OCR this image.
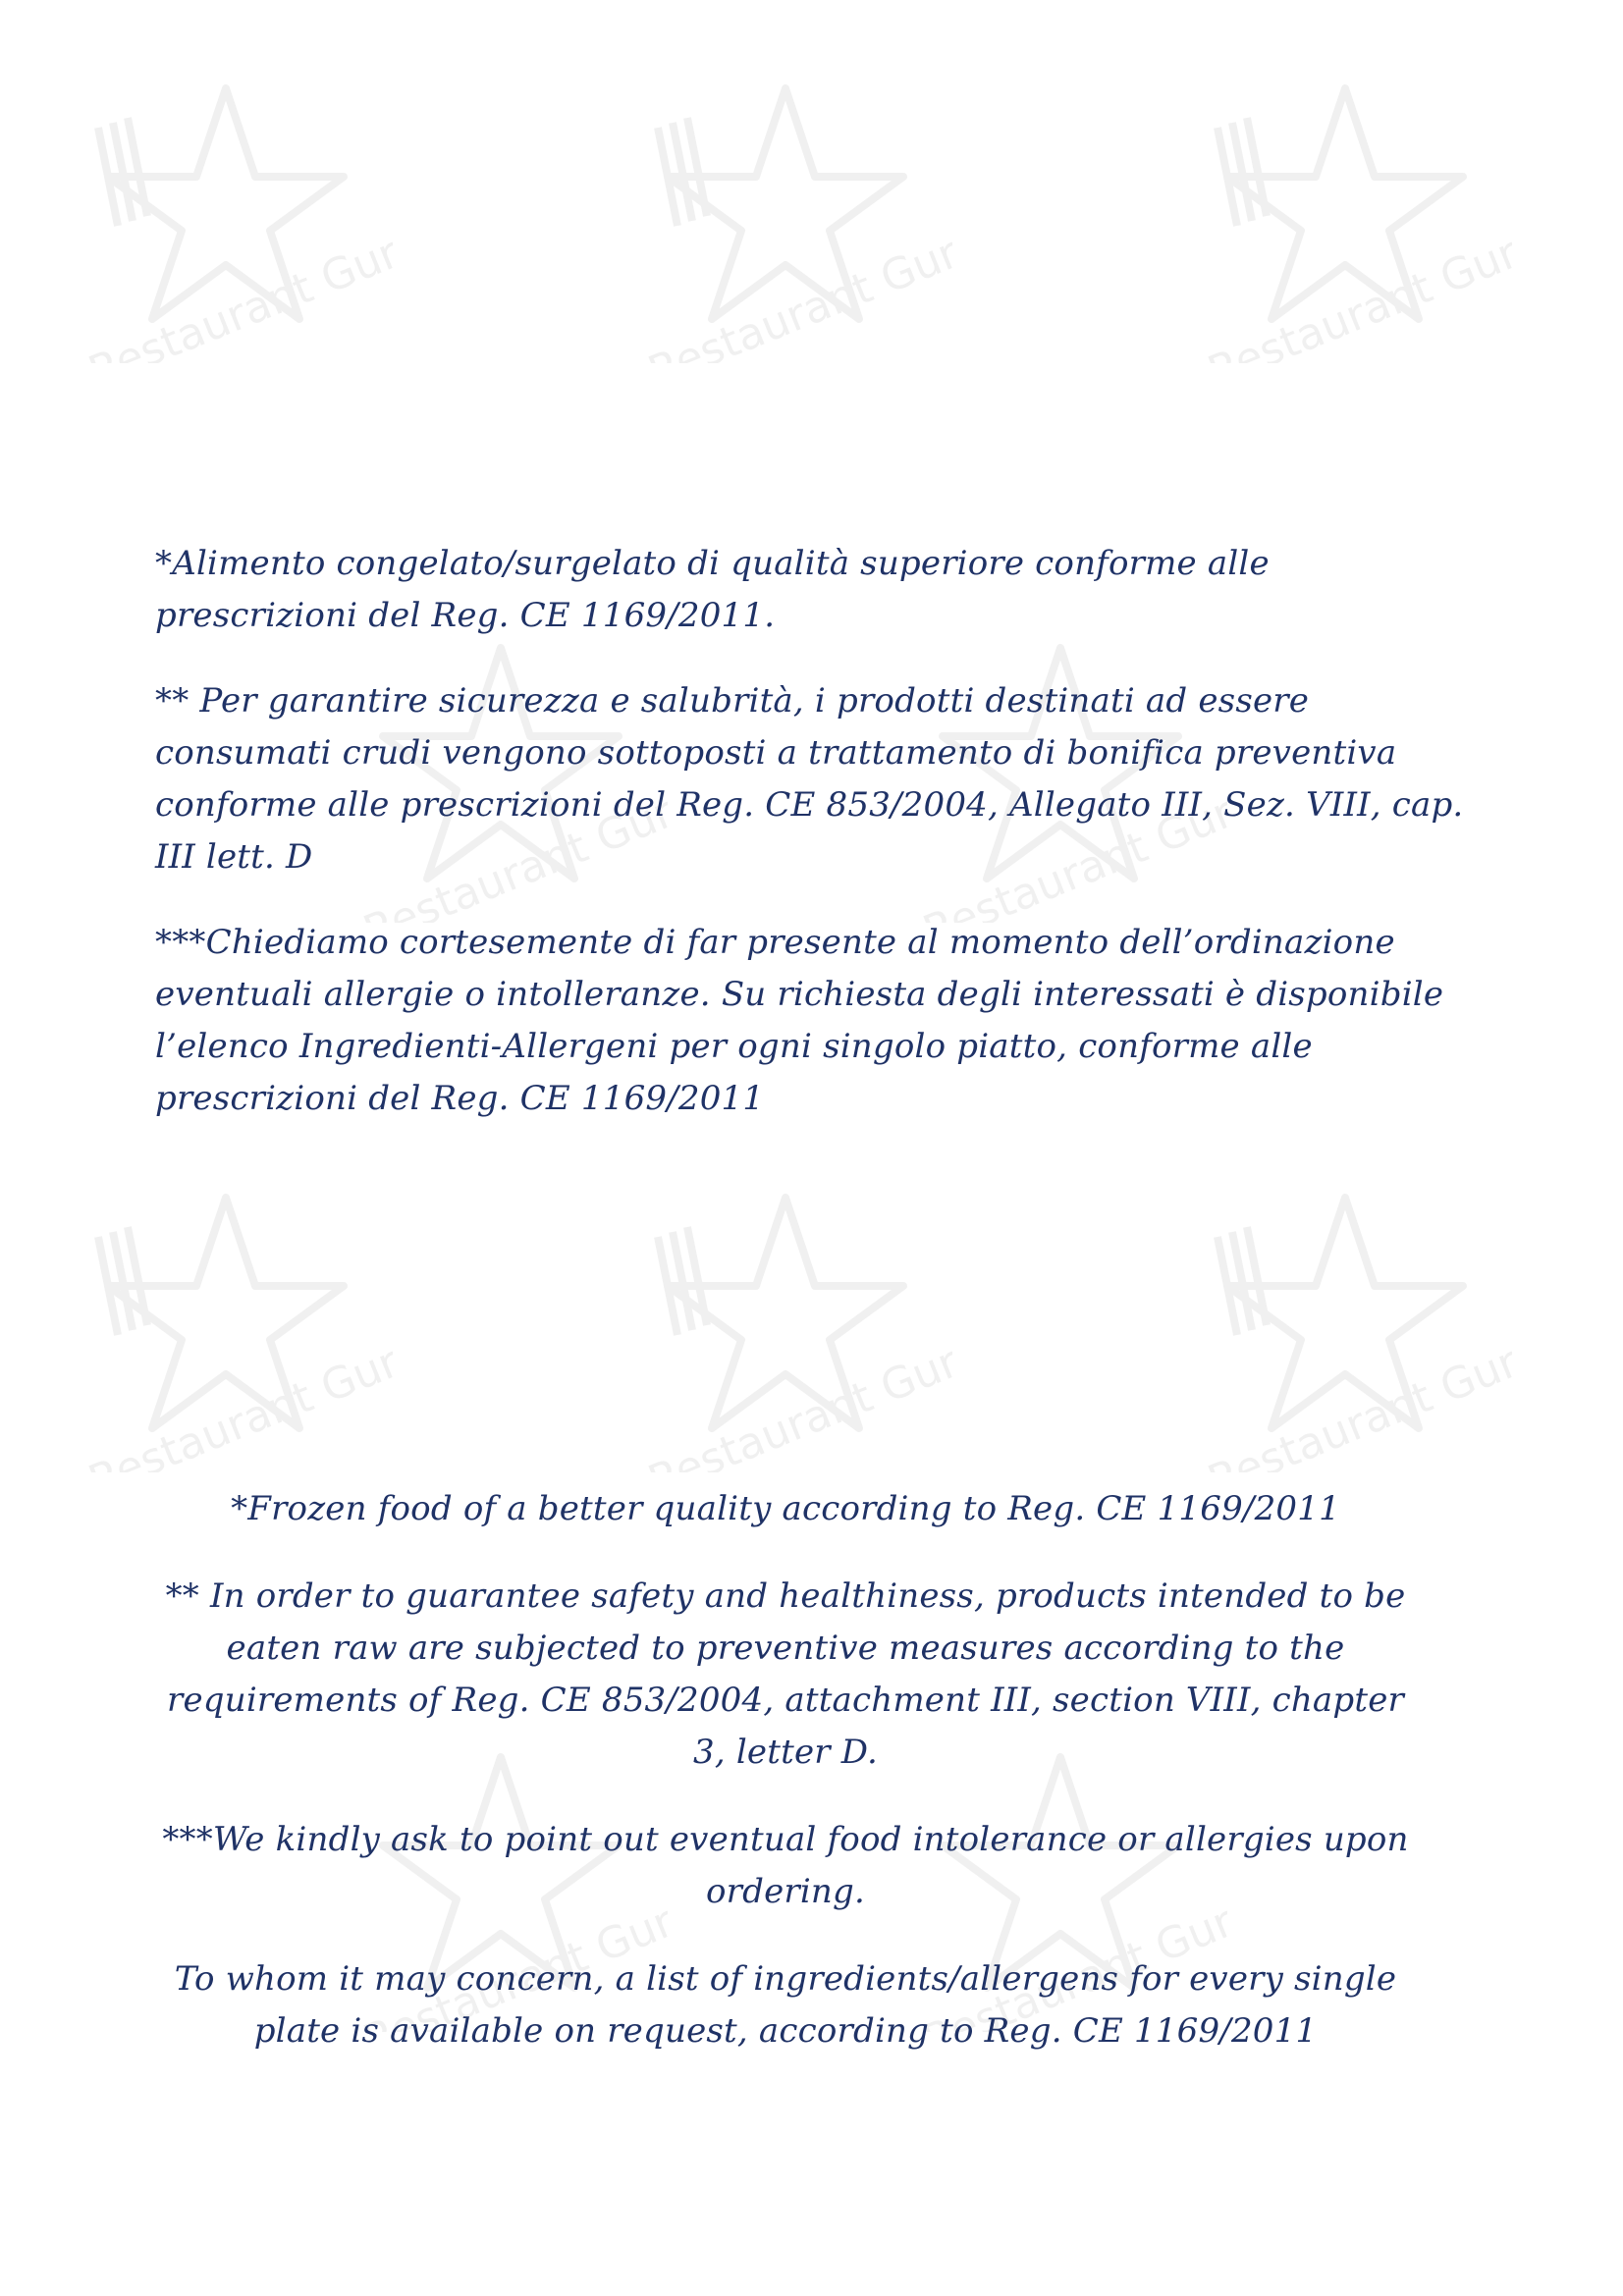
Restaurant Guru
Restaurant Guru
Restaurant Guru
Restaurant Guru
Restaurant Guru
Restaurant Guru
Restaurant Guru
Restaurant Guru
Restaurant Guru
Restaurant Guru

*Alimento congelato/surgelato di qualità superiore conforme alle prescrizioni del Reg. CE 1169/2011.

** Per garantire sicurezza e salubrità, i prodotti destinati ad essere consumati crudi vengono sottoposti a trattamento di bonifica preventiva conforme alle prescrizioni del Reg. CE 853/2004, Allegato III, Sez. VIII, cap. III lett. D

***Chiediamo cortesemente di far presente al momento dell’ordinazione eventuali allergie o intolleranze. Su richiesta degli interessati è disponibile l’elenco Ingredienti-Allergeni per ogni singolo piatto, conforme alle prescrizioni del Reg. CE 1169/2011

*Frozen food of a better quality according to Reg. CE 1169/2011

** In order to guarantee safety and healthiness, products intended to be eaten raw are subjected to preventive measures according to the requirements of Reg. CE 853/2004, attachment III, section VIII, chapter 3, letter D.

***We kindly ask to point out eventual food intolerance or allergies upon ordering.

To whom it may concern, a list of ingredients/allergens for every single plate is available on request, according to Reg. CE 1169/2011
